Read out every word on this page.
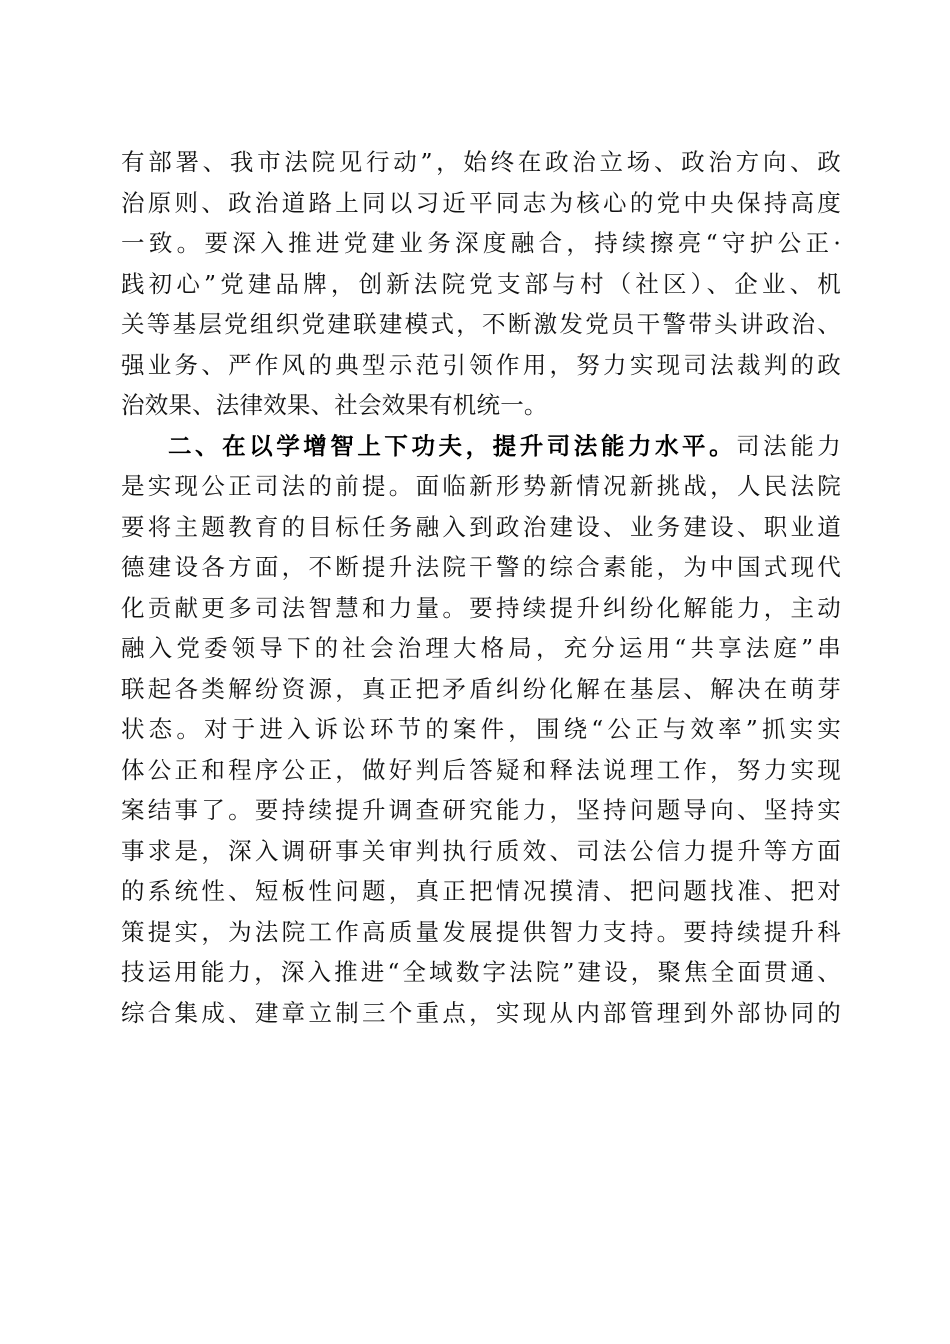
有部署、我市法院见行动”，始终在政治立场、政治方向、政
治原则、政治道路上同以习近平同志为核心的党中央保持高度
一致。要深入推进党建业务深度融合，持续擦亮“守护公正·
践初心”党建品牌，创新法院党支部与村（社区）、企业、机
关等基层党组织党建联建模式，不断激发党员干警带头讲政治、
强业务、严作风的典型示范引领作用，努力实现司法裁判的政
治效果、法律效果、社会效果有机统一。
二、在以学增智上下功夫，提升司法能力水平。司法能力
是实现公正司法的前提。面临新形势新情况新挑战，人民法院
要将主题教育的目标任务融入到政治建设、业务建设、职业道
德建设各方面，不断提升法院干警的综合素能，为中国式现代
化贡献更多司法智慧和力量。要持续提升纠纷化解能力，主动
融入党委领导下的社会治理大格局，充分运用“共享法庭”串
联起各类解纷资源，真正把矛盾纠纷化解在基层、解决在萌芽
状态。对于进入诉讼环节的案件，围绕“公正与效率”抓实实
体公正和程序公正，做好判后答疑和释法说理工作，努力实现
案结事了。要持续提升调查研究能力，坚持问题导向、坚持实
事求是，深入调研事关审判执行质效、司法公信力提升等方面
的系统性、短板性问题，真正把情况摸清、把问题找准、把对
策提实，为法院工作高质量发展提供智力支持。要持续提升科
技运用能力，深入推进“全域数字法院”建设，聚焦全面贯通、
综合集成、建章立制三个重点，实现从内部管理到外部协同的
